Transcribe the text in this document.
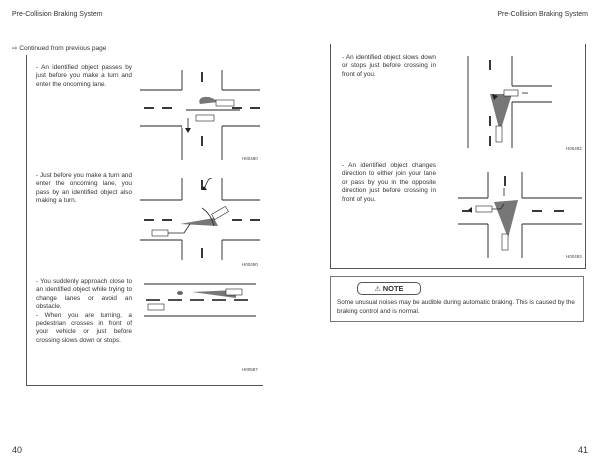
Pre-Collision Braking System	Pre-Collision Braking System
⇨ Continued from previous page
- An identified object passes by just before you make a turn and enter the oncoming lane.
H00480
- Just before you make a turn and enter the oncoming lane, you pass by an identified object also making a turn.
H00490
- You suddenly approach close to an identified object while trying to change lanes or avoid an obstacle.
- When you are turning, a pedestrian crosses in front of your vehicle or just before crossing slows down or stops.
H00587
- An identified object slows down or stops just before crossing in front of you.
H00492
- An identified object changes direction to either join your lane or pass by you in the opposite direction just before crossing in front of you.
H00493
⚠ NOTE
Some unusual noises may be audible during automatic braking. This is caused by the braking control and is normal.
40	41
